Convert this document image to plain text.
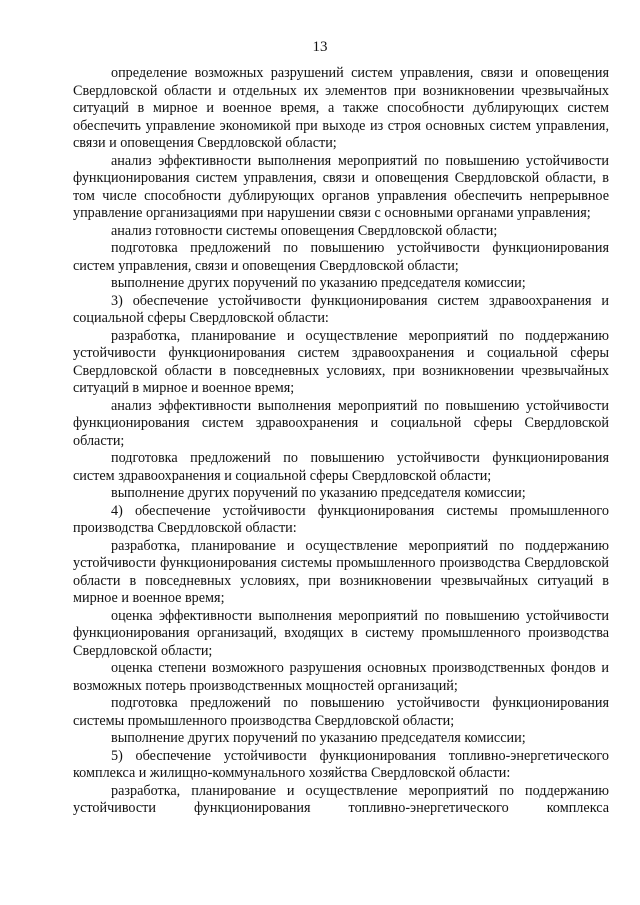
13

определение возможных разрушений систем управления, связи и оповещения Свердловской области и отдельных их элементов при возникновении чрезвычайных ситуаций в мирное и военное время, а также способности дублирующих систем обеспечить управление экономикой при выходе из строя основных систем управления, связи и оповещения Свердловской области;

анализ эффективности выполнения мероприятий по повышению устойчивости функционирования систем управления, связи и оповещения Свердловской области, в том числе способности дублирующих органов управления обеспечить непрерывное управление организациями при нарушении связи с основными органами управления;

анализ готовности системы оповещения Свердловской области;

подготовка предложений по повышению устойчивости функционирования систем управления, связи и оповещения Свердловской области;

выполнение других поручений по указанию председателя комиссии;

3) обеспечение устойчивости функционирования систем здравоохранения и социальной сферы Свердловской области:

разработка, планирование и осуществление мероприятий по поддержанию устойчивости функционирования систем здравоохранения и социальной сферы Свердловской области в повседневных условиях, при возникновении чрезвычайных ситуаций в мирное и военное время;

анализ эффективности выполнения мероприятий по повышению устойчивости функционирования систем здравоохранения и социальной сферы Свердловской области;

подготовка предложений по повышению устойчивости функционирования систем здравоохранения и социальной сферы Свердловской области;

выполнение других поручений по указанию председателя комиссии;

4) обеспечение устойчивости функционирования системы промышленного производства Свердловской области:

разработка, планирование и осуществление мероприятий по поддержанию устойчивости функционирования системы промышленного производства Свердловской области в повседневных условиях, при возникновении чрезвычайных ситуаций в мирное и военное время;

оценка эффективности выполнения мероприятий по повышению устойчивости функционирования организаций, входящих в систему промышленного производства Свердловской области;

оценка степени возможного разрушения основных производственных фондов и возможных потерь производственных мощностей организаций;

подготовка предложений по повышению устойчивости функционирования системы промышленного производства Свердловской области;

выполнение других поручений по указанию председателя комиссии;

5) обеспечение устойчивости функционирования топливно-энергетического комплекса и жилищно-коммунального хозяйства Свердловской области:

разработка, планирование и осуществление мероприятий по поддержанию устойчивости функционирования топливно-энергетического комплекса
